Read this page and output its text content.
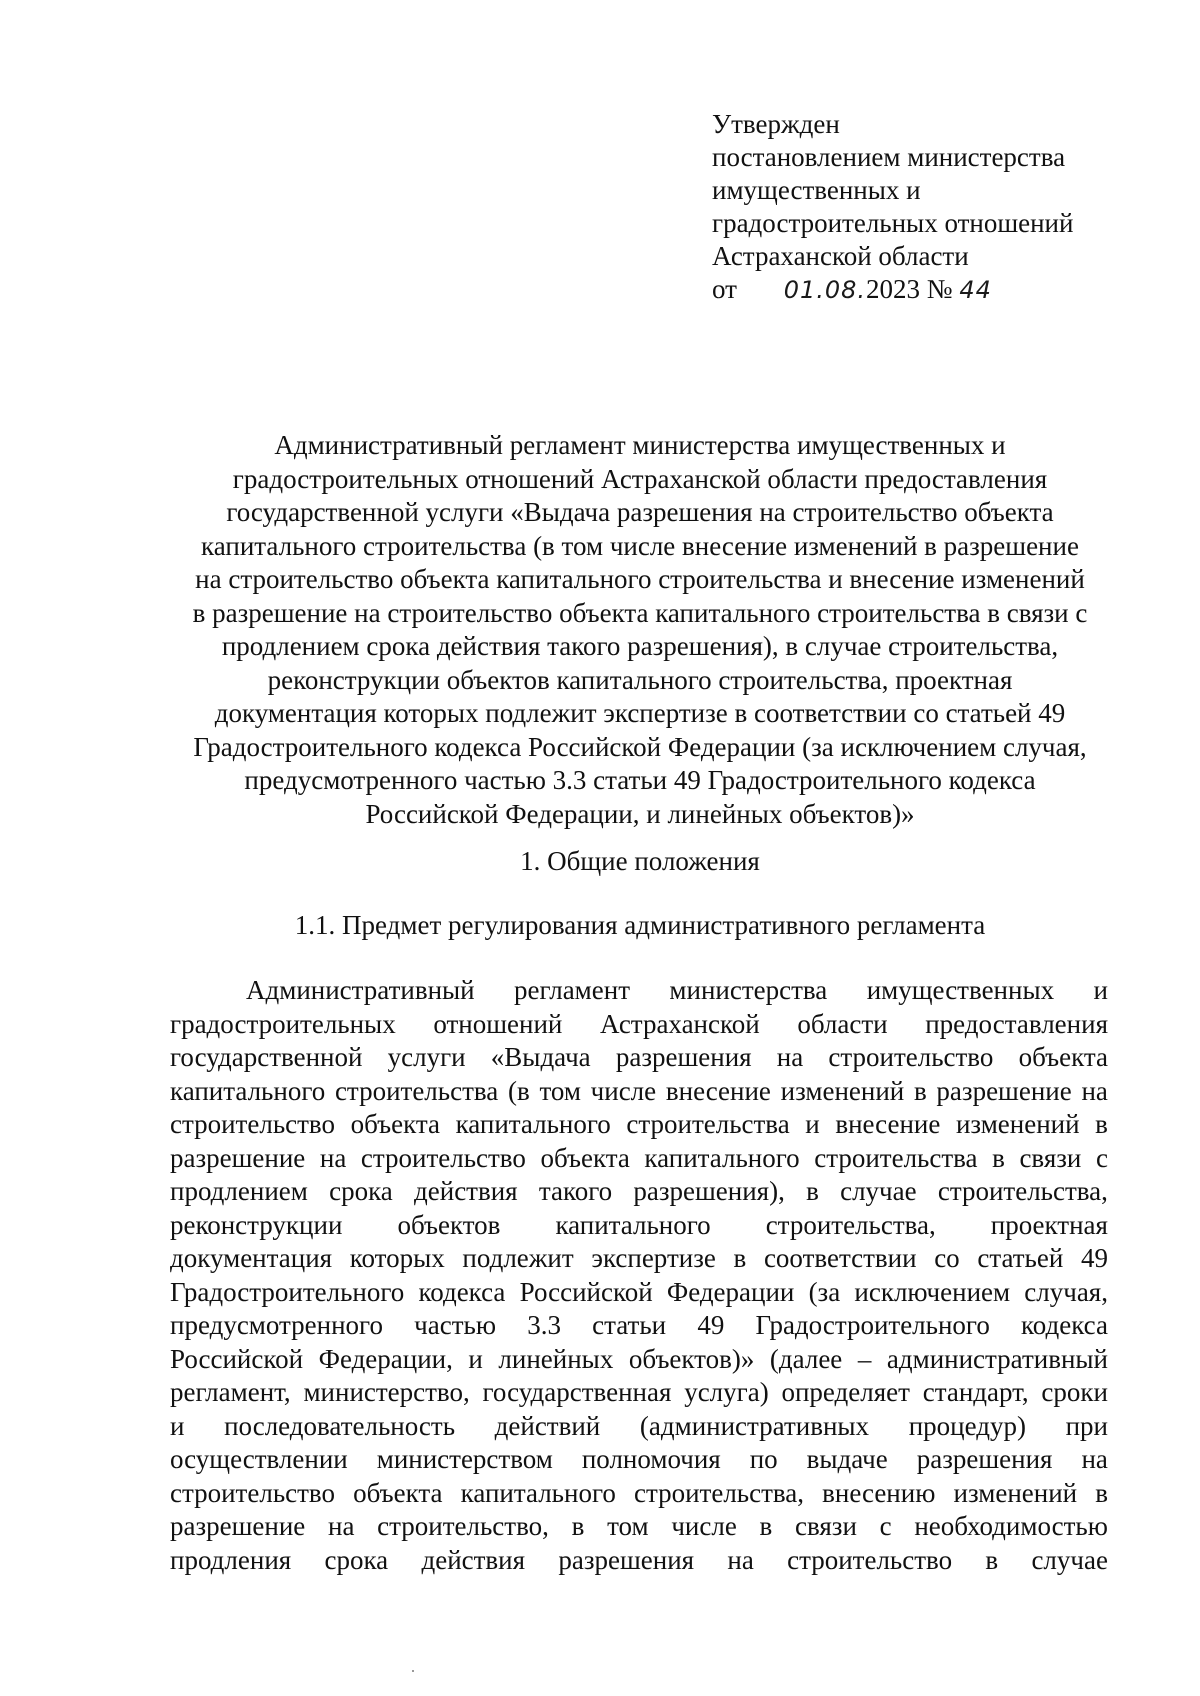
Утвержден
постановлением министерства
имущественных и
градостроительных отношений
Астраханской области
от 01.08.2023 № 44
Административный регламент министерства имущественных и
градостроительных отношений Астраханской области предоставления
государственной услуги «Выдача разрешения на строительство объекта
капитального строительства (в том числе внесение изменений в разрешение
на строительство объекта капитального строительства и внесение изменений
в разрешение на строительство объекта капитального строительства в связи с
продлением срока действия такого разрешения), в случае строительства,
реконструкции объектов капитального строительства, проектная
документация которых подлежит экспертизе в соответствии со статьей 49
Градостроительного кодекса Российской Федерации (за исключением случая,
предусмотренного частью 3.3 статьи 49 Градостроительного кодекса
Российской Федерации, и линейных объектов)»
1. Общие положения
1.1. Предмет регулирования административного регламента
Административный регламент министерства имущественных и
градостроительных отношений Астраханской области предоставления
государственной услуги «Выдача разрешения на строительство объекта
капитального строительства (в том числе внесение изменений в разрешение на
строительство объекта капитального строительства и внесение изменений в
разрешение на строительство объекта капитального строительства в связи с
продлением срока действия такого разрешения), в случае строительства,
реконструкции объектов капитального строительства, проектная
документация которых подлежит экспертизе в соответствии со статьей 49
Градостроительного кодекса Российской Федерации (за исключением случая,
предусмотренного частью 3.3 статьи 49 Градостроительного кодекса
Российской Федерации, и линейных объектов)» (далее – административный
регламент, министерство, государственная услуга) определяет стандарт, сроки
и последовательность действий (административных процедур) при
осуществлении министерством полномочия по выдаче разрешения на
строительство объекта капитального строительства, внесению изменений в
разрешение на строительство, в том числе в связи с необходимостью
продления срока действия разрешения на строительство в случае
